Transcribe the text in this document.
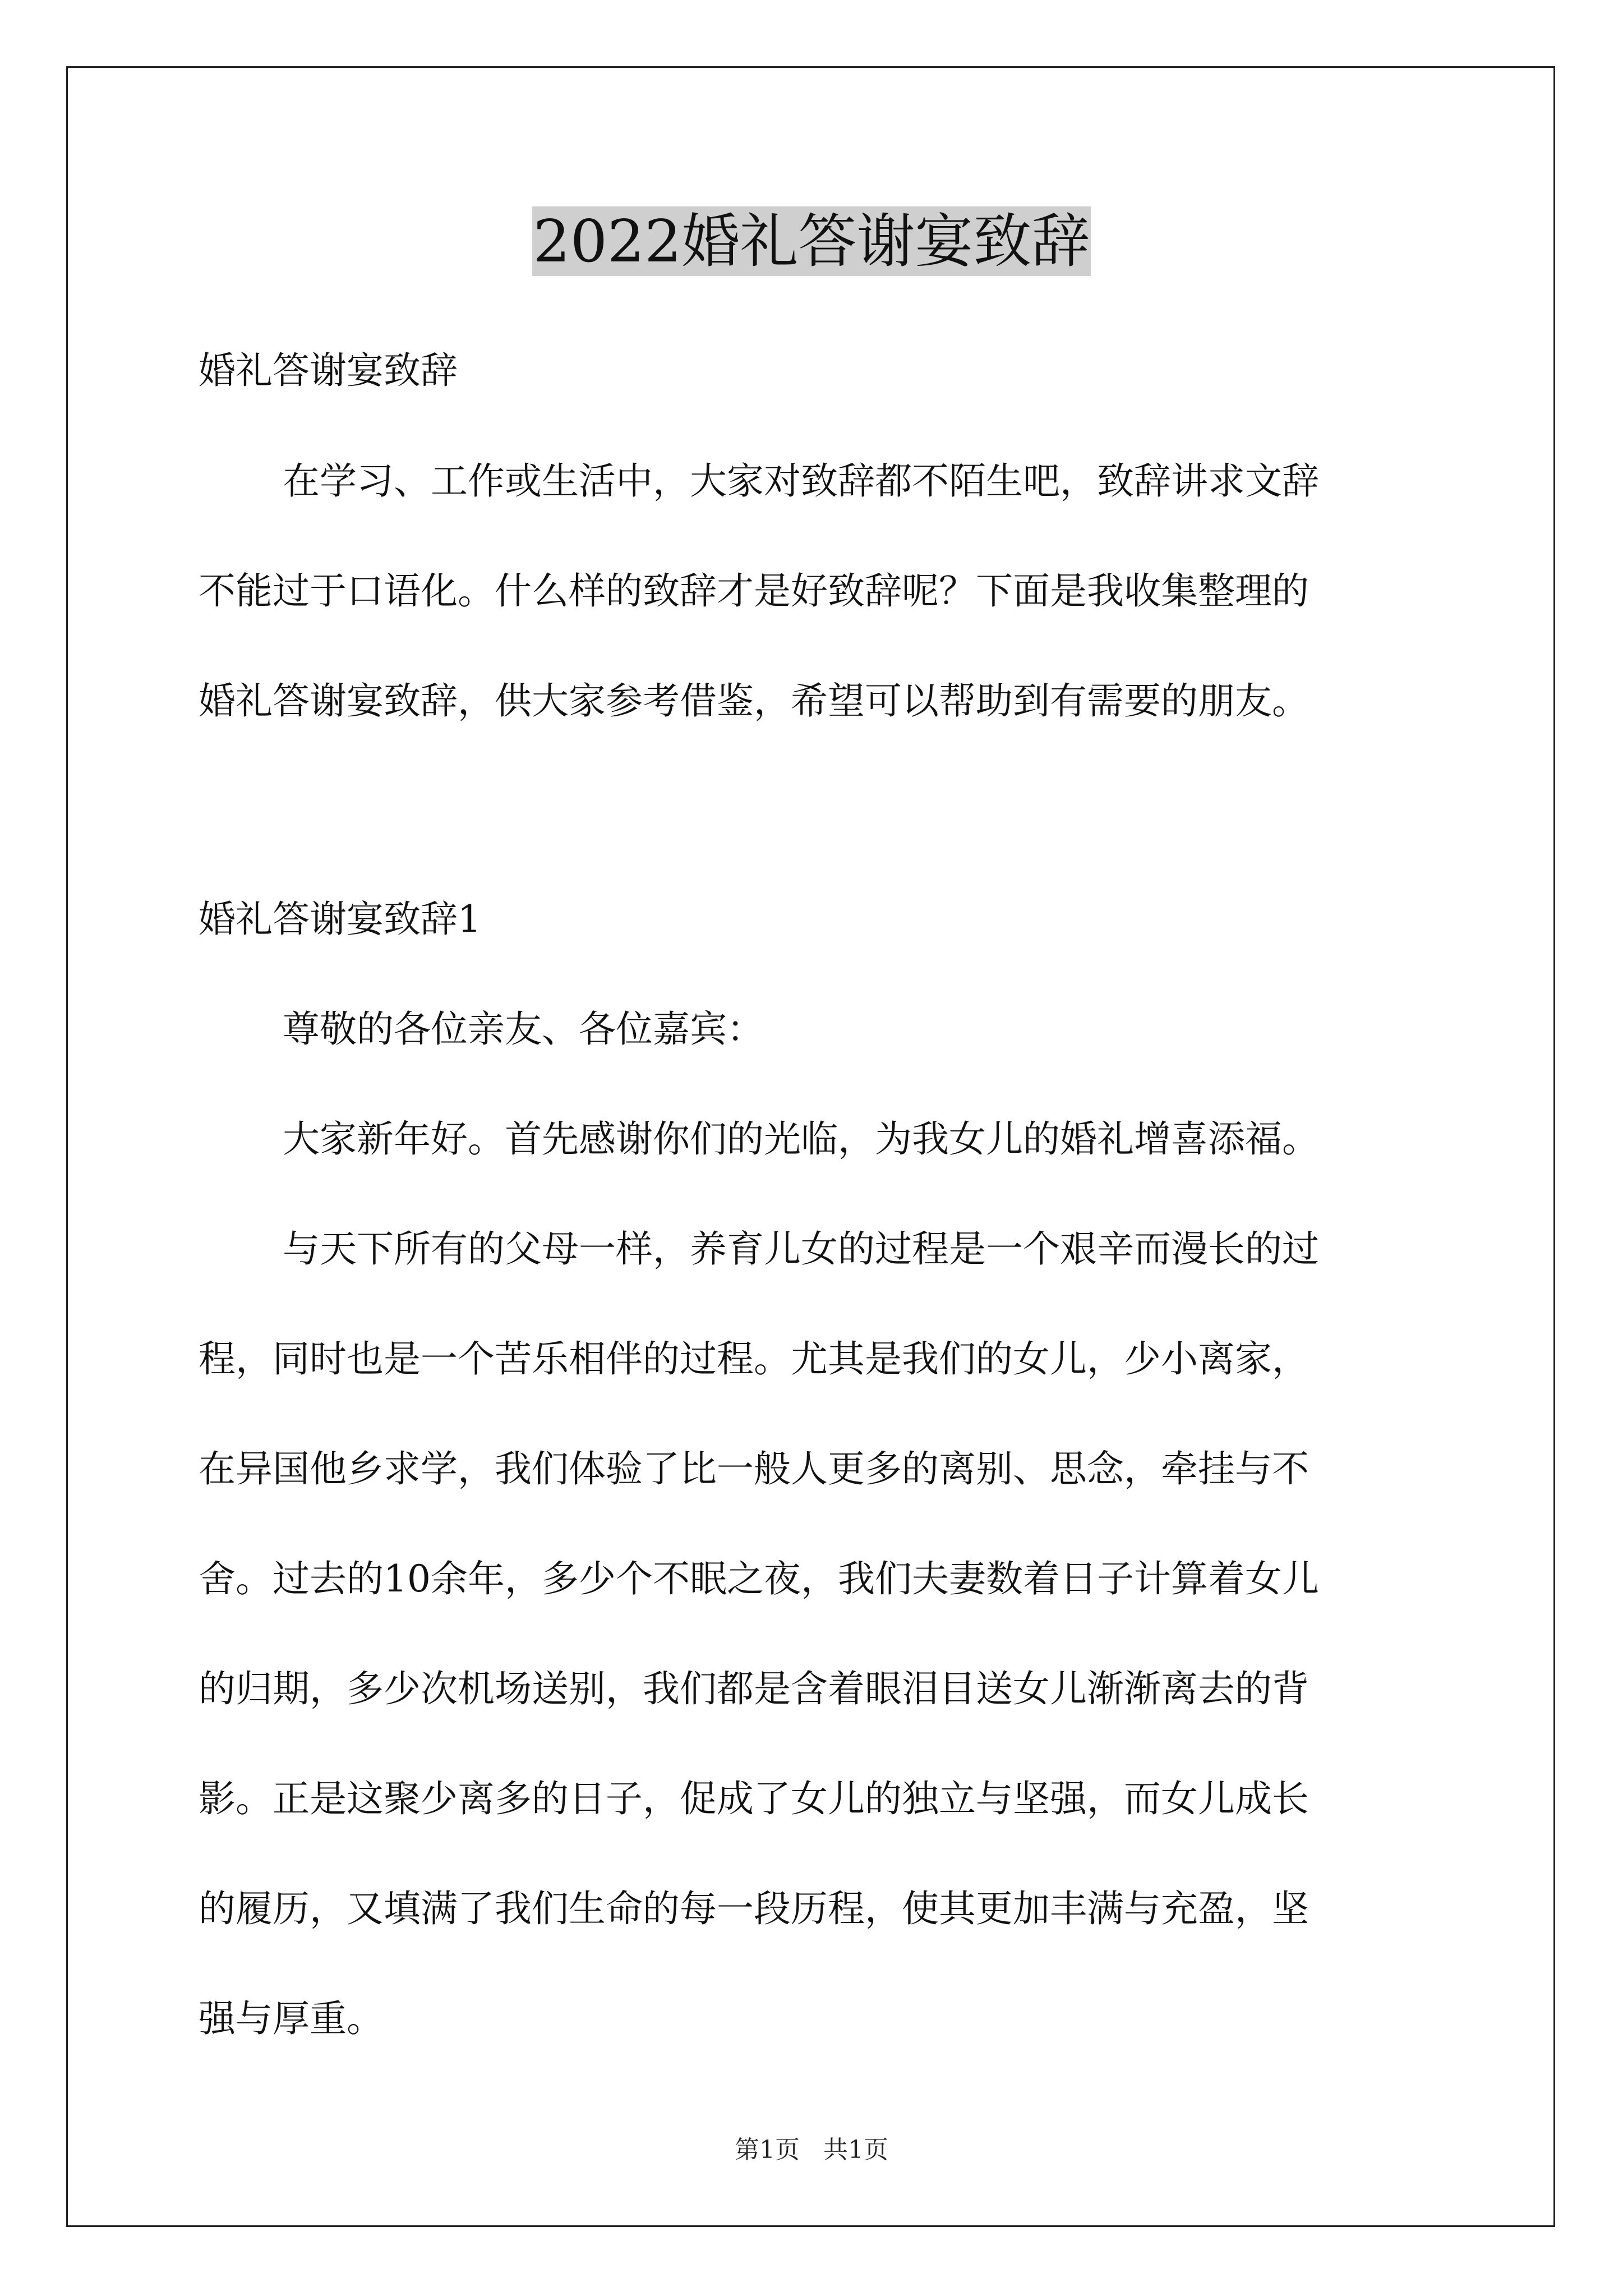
2022婚礼答谢宴致辞
婚礼答谢宴致辞
在学习、工作或生活中，大家对致辞都不陌生吧，致辞讲求文辞
不能过于口语化。什么样的致辞才是好致辞呢？下面是我收集整理的
婚礼答谢宴致辞，供大家参考借鉴，希望可以帮助到有需要的朋友。
婚礼答谢宴致辞1
尊敬的各位亲友、各位嘉宾：
大家新年好。首先感谢你们的光临，为我女儿的婚礼增喜添福。
与天下所有的父母一样，养育儿女的过程是一个艰辛而漫长的过
程，同时也是一个苦乐相伴的过程。尤其是我们的女儿，少小离家，
在异国他乡求学，我们体验了比一般人更多的离别、思念，牵挂与不
舍。过去的10余年，多少个不眠之夜，我们夫妻数着日子计算着女儿
的归期，多少次机场送别，我们都是含着眼泪目送女儿渐渐离去的背
影。正是这聚少离多的日子，促成了女儿的独立与坚强，而女儿成长
的履历，又填满了我们生命的每一段历程，使其更加丰满与充盈，坚
强与厚重。
第1页   共1页
